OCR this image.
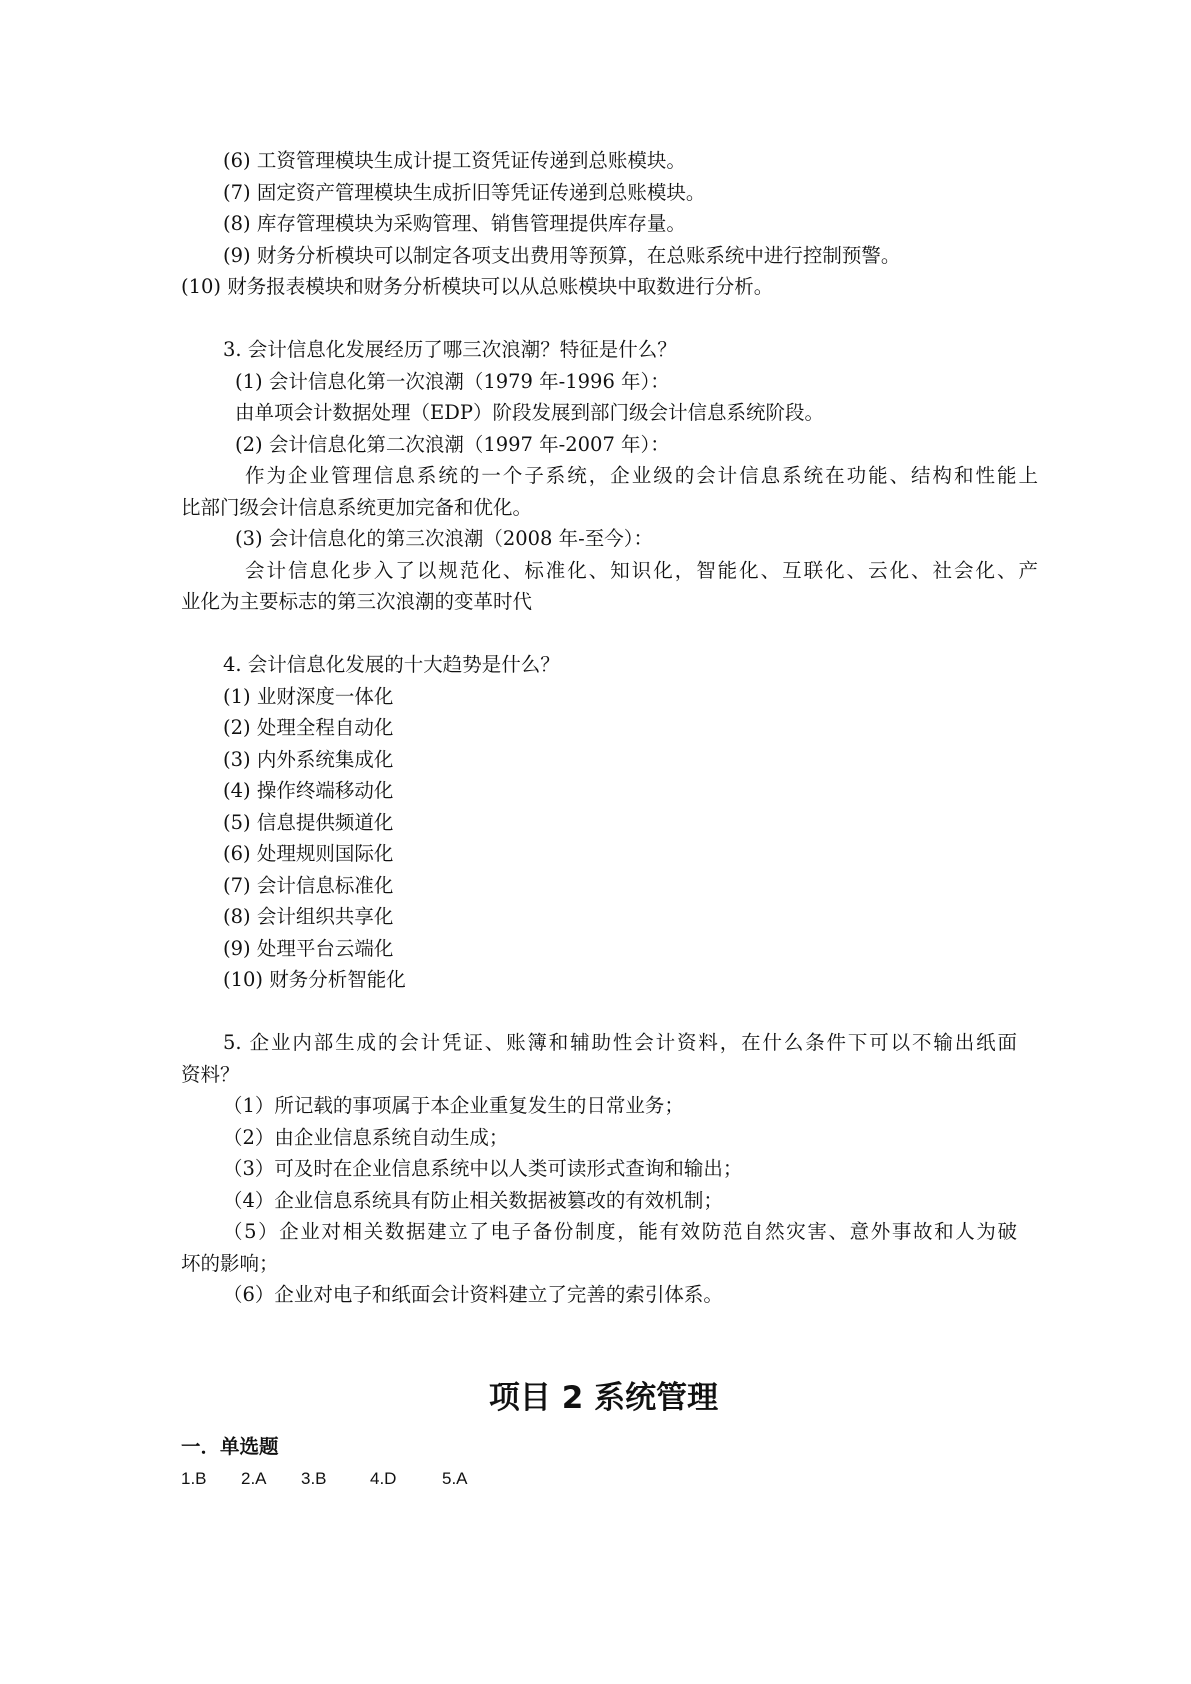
(6) 工资管理模块生成计提工资凭证传递到总账模块。
(7) 固定资产管理模块生成折旧等凭证传递到总账模块。
(8) 库存管理模块为采购管理、销售管理提供库存量。
(9) 财务分析模块可以制定各项支出费用等预算，在总账系统中进行控制预警。
(10) 财务报表模块和财务分析模块可以从总账模块中取数进行分析。
3. 会计信息化发展经历了哪三次浪潮？特征是什么？
(1) 会计信息化第一次浪潮（1979 年-1996 年）：
由单项会计数据处理（EDP）阶段发展到部门级会计信息系统阶段。
(2) 会计信息化第二次浪潮（1997 年-2007 年）：
作为企业管理信息系统的一个子系统，企业级的会计信息系统在功能、结构和性能上
比部门级会计信息系统更加完备和优化。
(3) 会计信息化的第三次浪潮（2008 年-至今）：
会计信息化步入了以规范化、标准化、知识化，智能化、互联化、云化、社会化、产
业化为主要标志的第三次浪潮的变革时代
4. 会计信息化发展的十大趋势是什么？
(1) 业财深度一体化
(2) 处理全程自动化
(3) 内外系统集成化
(4) 操作终端移动化
(5) 信息提供频道化
(6) 处理规则国际化
(7) 会计信息标准化
(8) 会计组织共享化
(9) 处理平台云端化
(10) 财务分析智能化
5. 企业内部生成的会计凭证、账簿和辅助性会计资料，在什么条件下可以不输出纸面
资料？
（1）所记载的事项属于本企业重复发生的日常业务；
（2）由企业信息系统自动生成；
（3）可及时在企业信息系统中以人类可读形式查询和输出；
（4）企业信息系统具有防止相关数据被篡改的有效机制；
（5）企业对相关数据建立了电子备份制度，能有效防范自然灾害、意外事故和人为破
坏的影响；
（6）企业对电子和纸面会计资料建立了完善的索引体系。
项目 2 系统管理
一．单选题
1.B 2.A 3.B	4.D	5.A
